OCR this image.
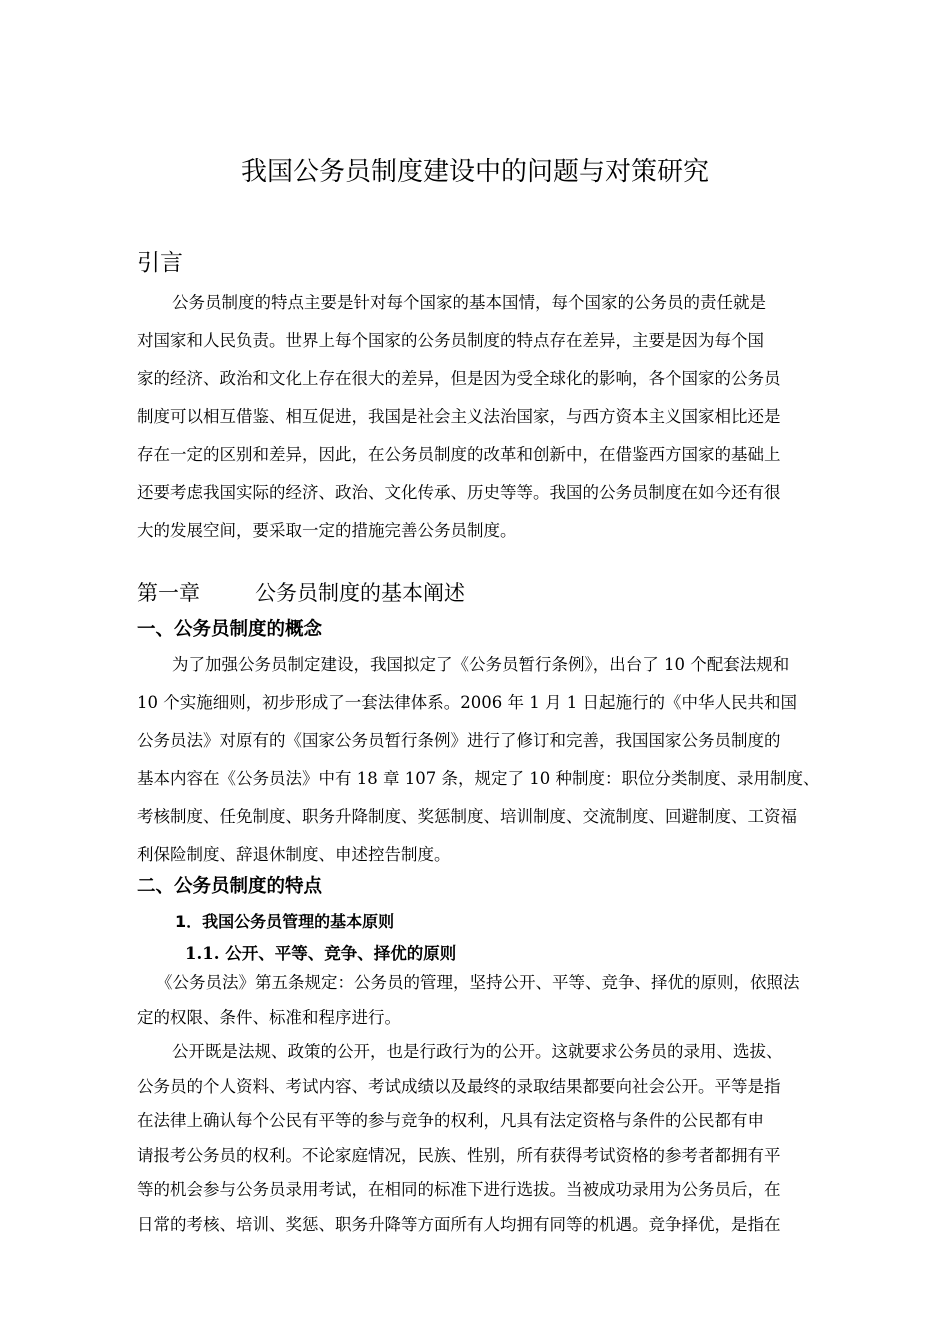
我国公务员制度建设中的问题与对策研究
引言
公务员制度的特点主要是针对每个国家的基本国情，每个国家的公务员的责任就是
对国家和人民负责。世界上每个国家的公务员制度的特点存在差异，主要是因为每个国
家的经济、政治和文化上存在很大的差异，但是因为受全球化的影响，各个国家的公务员
制度可以相互借鉴、相互促进，我国是社会主义法治国家，与西方资本主义国家相比还是
存在一定的区别和差异，因此，在公务员制度的改革和创新中，在借鉴西方国家的基础上
还要考虑我国实际的经济、政治、文化传承、历史等等。我国的公务员制度在如今还有很
大的发展空间，要采取一定的措施完善公务员制度。
第一章	公务员制度的基本阐述
一、公务员制度的概念
为了加强公务员制定建设，我国拟定了《公务员暂行条例》，出台了 10 个配套法规和
10 个实施细则，初步形成了一套法律体系。2006 年 1 月 1 日起施行的《中华人民共和国
公务员法》对原有的《国家公务员暂行条例》进行了修订和完善，我国国家公务员制度的
基本内容在《公务员法》中有 18 章 107 条，规定了 10 种制度：职位分类制度、录用制度、
考核制度、任免制度、职务升降制度、奖惩制度、培训制度、交流制度、回避制度、工资福
利保险制度、辞退休制度、申述控告制度。
二、公务员制度的特点
1．我国公务员管理的基本原则
1.1. 公开、平等、竞争、择优的原则
《公务员法》第五条规定：公务员的管理，坚持公开、平等、竞争、择优的原则，依照法
定的权限、条件、标准和程序进行。
公开既是法规、政策的公开，也是行政行为的公开。这就要求公务员的录用、选拔、
公务员的个人资料、考试内容、考试成绩以及最终的录取结果都要向社会公开。平等是指
在法律上确认每个公民有平等的参与竞争的权利，凡具有法定资格与条件的公民都有申
请报考公务员的权利。不论家庭情况，民族、性别，所有获得考试资格的参考者都拥有平
等的机会参与公务员录用考试，在相同的标准下进行选拔。当被成功录用为公务员后，在
日常的考核、培训、奖惩、职务升降等方面所有人均拥有同等的机遇。竞争择优，是指在
